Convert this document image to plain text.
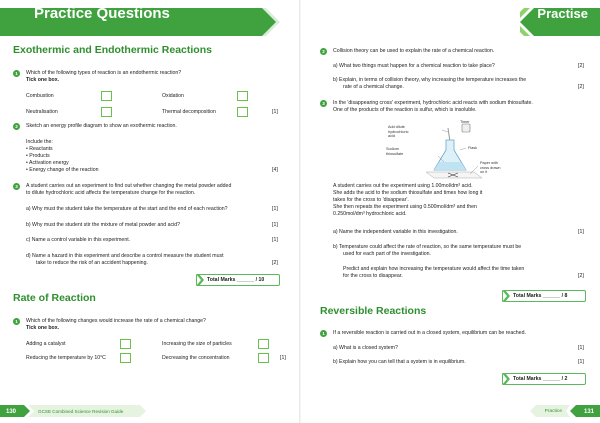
Practice Questions
Exothermic and Endothermic Reactions
1	Which of the following types of reaction is an endothermic reaction?
Tick one box.
Combustion	Oxidation
Neutralisation	Thermal decomposition	[1]
2	Sketch an energy profile diagram to show an exothermic reaction.
Include the:
• Reactants
• Products
• Activation energy
• Energy change of the reaction	[4]
3	A student carries out an experiment to find out whether changing the metal powder added
to dilute hydrochloric acid affects the temperature change for the reaction.
a) Why must the student take the temperature at the start and the end of each reaction?	[1]
b) Why must the student stir the mixture of metal powder and acid?	[1]
c) Name a control variable in this experiment.	[1]
d) Name a hazard in this experiment and describe a control measure the student must
take to reduce the risk of an accident happening.	[2]
Total Marks ______ / 10
Rate of Reaction
1	Which of the following changes would increase the rate of a chemical change?
Tick one box.
Adding a catalyst	Increasing the size of particles
Reducing the temperature by 10°C	Decreasing the concentration	[1]
130	GCSE Combined Science Revision Guide
Practise
2	Collision theory can be used to explain the rate of a chemical reaction.
a) What two things must happen for a chemical reaction to take place?	[2]
b) Explain, in terms of collision theory, why increasing the temperature increases the
rate of a chemical change.	[2]
3	In the 'disappearing cross' experiment, hydrochloric acid reacts with sodium thiosulfate.
One of the products of the reaction is sulfur, which is insoluble.
Add dilute hydrochloric acid
Timer
Flask
Sodium thiosulfate
Paper with cross drawn on it
A student carries out the experiment using 1.00mol/dm³ acid.
She adds the acid to the sodium thiosulfate and times how long it
takes for the cross to 'disappear'.
She then repeats the experiment using 0.500mol/dm³ and then
0.250mol/dm³ hydrochloric acid.
a) Name the independent variable in this investigation.	[1]
b) Temperature could affect the rate of reaction, so the same temperature must be
used for each part of the investigation.
Predict and explain how increasing the temperature would affect the time taken
for the cross to disappear.	[2]
Total Marks ______ / 8
Reversible Reactions
1	If a reversible reaction is carried out in a closed system, equilibrium can be reached.
a) What is a closed system?	[1]
b) Explain how you can tell that a system is in equilibrium.	[1]
Total Marks ______ / 2
Practice	131
